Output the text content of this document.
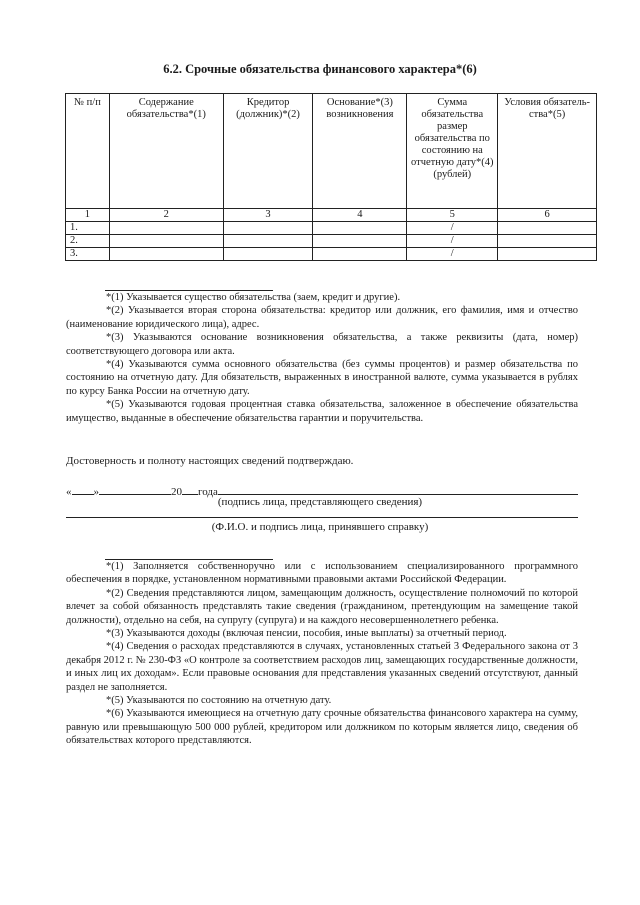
6.2. Срочные обязательства финансового характера*(6)
№ п/п	Содержание обязательства*(1)	Кредитор (должник)*(2)	Основание*(3) возникновения	Сумма обязательства размер обязательства по состоянию на отчетную дату*(4) (рублей)	Условия обязатель-ства*(5)
1	2	3	4	5	6
1.				/	
2.				/	
3.				/	

*(1) Указывается существо обязательства (заем, кредит и другие).

*(2) Указывается вторая сторона обязательства: кредитор или должник, его фамилия, имя и отчество (наименование юридического лица), адрес.

*(3) Указываются основание возникновения обязательства, а также реквизиты (дата, номер) соответствующего договора или акта.

*(4) Указываются сумма основного обязательства (без суммы процентов) и размер обязательства по состоянию на отчетную дату. Для обязательств, выраженных в иностранной валюте, сумма указывается в рублях по курсу Банка России на отчетную дату.

*(5) Указываются годовая процентная ставка обязательства, заложенное в обеспечение обязательства имущество, выданные в обеспечение обязательства гарантии и поручительства.

Достоверность и полноту настоящих сведений подтверждаю.
« »	20 года
(подпись лица, представляющего сведения)
(Ф.И.О. и подпись лица, принявшего справку)

*(1) Заполняется собственноручно или с использованием специализированного программного обеспечения в порядке, установленном нормативными правовыми актами Российской Федерации.

*(2) Сведения представляются лицом, замещающим должность, осуществление полномочий по которой влечет за собой обязанность представлять такие сведения (гражданином, претендующим на замещение такой должности), отдельно на себя, на супругу (супруга) и на каждого несовершеннолетнего ребенка.

*(3) Указываются доходы (включая пенсии, пособия, иные выплаты) за отчетный период.

*(4) Сведения о расходах представляются в случаях, установленных статьей 3 Федерального закона от 3 декабря 2012 г. № 230-ФЗ «О контроле за соответствием расходов лиц, замещающих государственные должности, и иных лиц их доходам». Если правовые основания для представления указанных сведений отсутствуют, данный раздел не заполняется.

*(5) Указываются по состоянию на отчетную дату.

*(6) Указываются имеющиеся на отчетную дату срочные обязательства финансового характера на сумму, равную или превышающую 500 000 рублей, кредитором или должником по которым является лицо, сведения об обязательствах которого представляются.
